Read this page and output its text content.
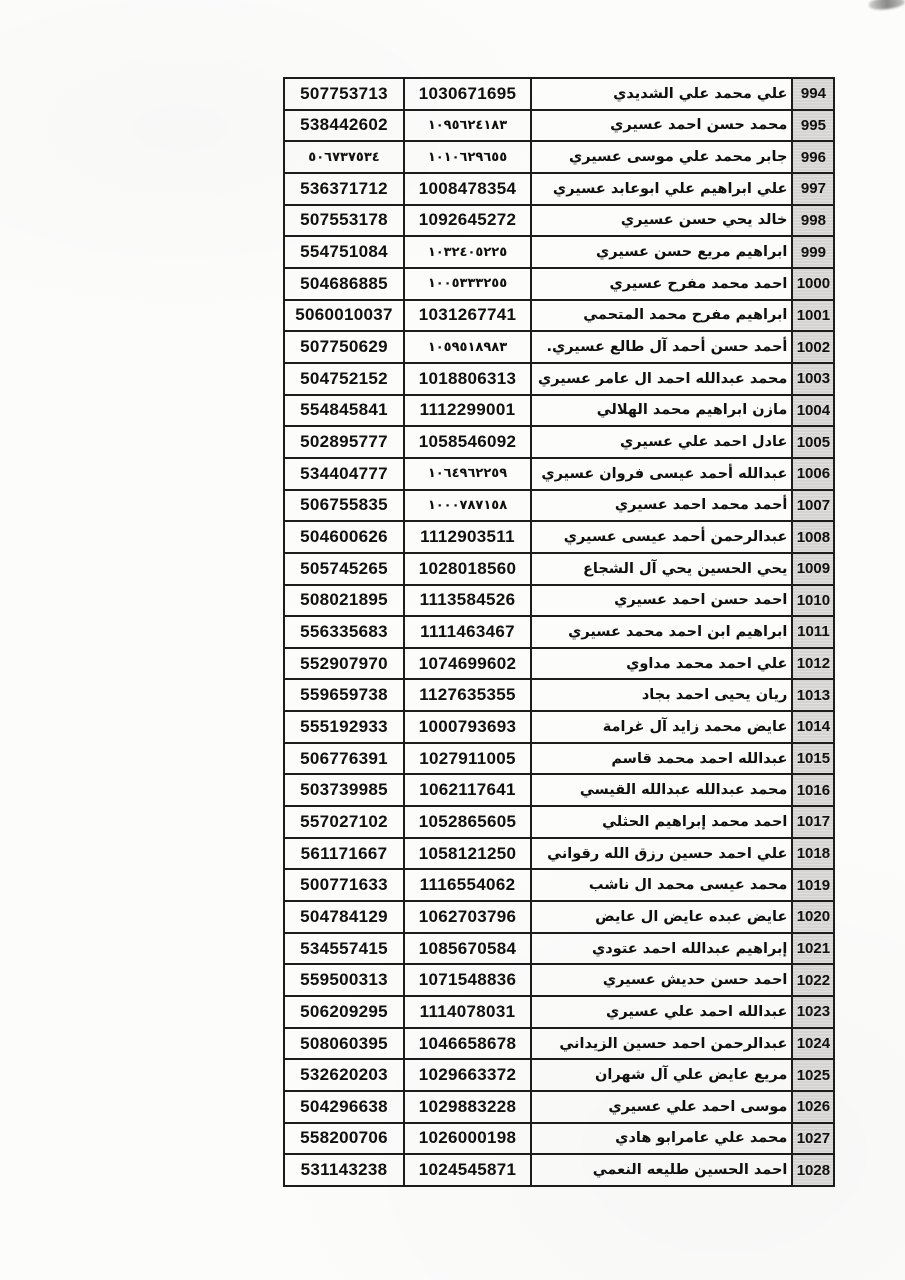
507753713	1030671695	علي محمد علي الشديدي	994
538442602	١٠٩٥٦٢٤١٨٣	محمد حسن احمد عسيري	995
٥٠٦٧٣٧٥٣٤	١٠١٠٦٢٩٦٥٥	جابر محمد علي موسى عسيري	996
536371712	1008478354	علي ابراهيم علي ابوعابد عسيري	997
507553178	1092645272	خالد يحي حسن عسيري	998
554751084	١٠٣٢٤٠٥٢٢٥	ابراهيم مريع حسن عسيري	999
504686885	١٠٠٥٣٣٣٢٥٥	احمد محمد مفرح عسيري	1000
5060010037	1031267741	ابراهيم مفرح محمد المتحمي	1001
507750629	١٠٥٩٥١٨٩٨٣	أحمد حسن أحمد آل طالع عسيري.	1002
504752152	1018806313	محمد عبدالله احمد ال عامر عسيري	1003
554845841	1112299001	مازن ابراهيم محمد الهلالي	1004
502895777	1058546092	عادل احمد علي عسيري	1005
534404777	١٠٦٤٩٦٢٢٥٩	عبدالله أحمد عيسى فروان عسيري	1006
506755835	١٠٠٠٧٨٧١٥٨	أحمد محمد احمد عسيري	1007
504600626	1112903511	عبدالرحمن أحمد عيسى عسيري	1008
505745265	1028018560	يحي الحسين يحي آل الشجاع	1009
508021895	1113584526	احمد حسن احمد عسيري	1010
556335683	1111463467	ابراهيم ابن احمد محمد عسيري	1011
552907970	1074699602	علي احمد محمد مداوي	1012
559659738	1127635355	ريان يحيى احمد بجاد	1013
555192933	1000793693	عايض محمد زايد آل غرامة	1014
506776391	1027911005	عبدالله احمد محمد قاسم	1015
503739985	1062117641	محمد عبدالله عبدالله القيسي	1016
557027102	1052865605	احمد محمد إبراهيم الحثلي	1017
561171667	1058121250	علي احمد حسين رزق الله رقواني	1018
500771633	1116554062	محمد عيسى محمد ال ناشب	1019
504784129	1062703796	عايض عبده عايض ال عايض	1020
534557415	1085670584	إبراهيم عبدالله احمد عتودي	1021
559500313	1071548836	احمد حسن حديش عسيري	1022
506209295	1114078031	عبدالله احمد علي عسيري	1023
508060395	1046658678	عبدالرحمن احمد حسين الزيداني	1024
532620203	1029663372	مريع عايض علي آل شهران	1025
504296638	1029883228	موسى احمد علي عسيري	1026
558200706	1026000198	محمد علي عامرابو هادي	1027
531143238	1024545871	احمد الحسين طليعه النعمي	1028
